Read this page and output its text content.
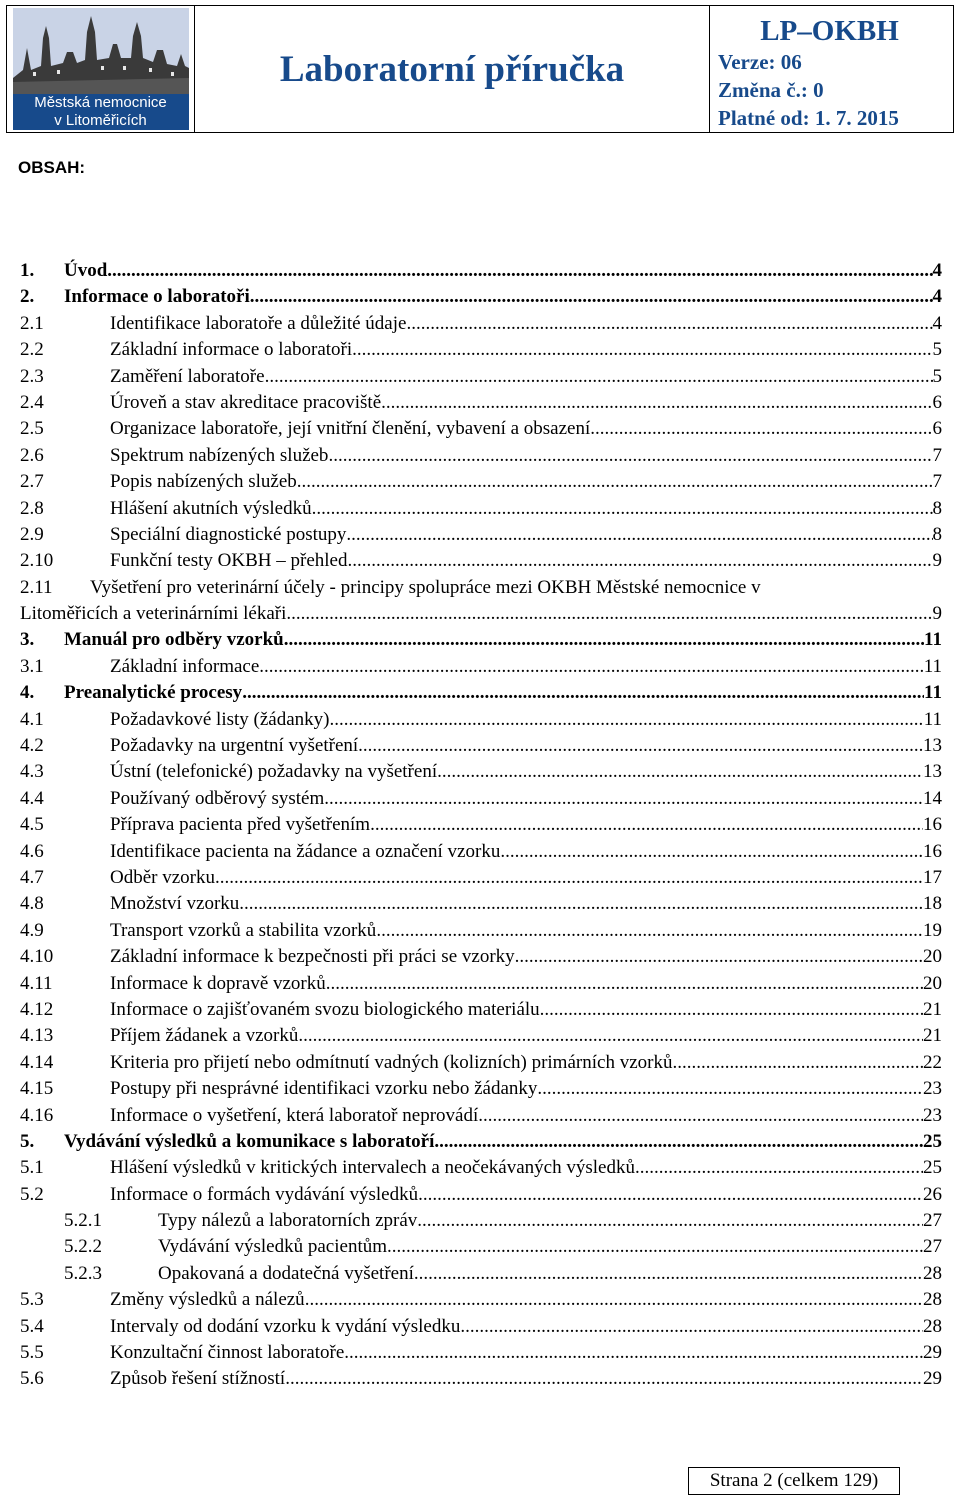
Městská nemocnice
v Litoměřicích
Laboratorní příručka
LP–OKBH
Verze: 06
Změna č.: 0
Platné od: 1. 7. 2015
OBSAH:
1.	Úvod .....	4
2.	Informace o laboratoři .....	4
2.1	Identifikace laboratoře a důležité údaje .....	4
2.2	Základní informace o laboratoři .....	5
2.3	Zaměření laboratoře .....	5
2.4	Úroveň a stav akreditace pracoviště .....	6
2.5	Organizace laboratoře, její vnitřní členění, vybavení a obsazení .....	6
2.6	Spektrum nabízených služeb .....	7
2.7	Popis nabízených služeb .....	7
2.8	Hlášení akutních výsledků .....	8
2.9	Speciální diagnostické postupy .....	8
2.10	Funkční testy OKBH – přehled .....	9
2.11	Vyšetření pro veterinární účely - principy spolupráce mezi OKBH Městské nemocnice v
Litoměřicích a veterinárními lékaři .....	9
3.	Manuál pro odběry vzorků .....	11
3.1	Základní informace .....	11
4.	Preanalytické procesy .....	11
4.1	Požadavkové listy (žádanky) .....	11
4.2	Požadavky na urgentní vyšetření .....	13
4.3	Ústní (telefonické) požadavky na vyšetření .....	13
4.4	Používaný odběrový systém .....	14
4.5	Příprava pacienta před vyšetřením .....	16
4.6	Identifikace pacienta na žádance a označení vzorku .....	16
4.7	Odběr vzorku .....	17
4.8	Množství vzorku .....	18
4.9	Transport vzorků a stabilita vzorků .....	19
4.10	Základní informace k bezpečnosti při práci se vzorky .....	20
4.11	Informace k dopravě vzorků .....	20
4.12	Informace o zajišťovaném svozu biologického materiálu .....	21
4.13	Příjem žádanek a vzorků .....	21
4.14	Kriteria pro přijetí nebo odmítnutí vadných (kolizních) primárních vzorků .....	22
4.15	Postupy při nesprávné identifikaci vzorku nebo žádanky .....	23
4.16	Informace o vyšetření, která laboratoř neprovádí .....	23
5.	Vydávání výsledků a komunikace s laboratoří .....	25
5.1	Hlášení výsledků v kritických intervalech a neočekávaných výsledků .....	25
5.2	Informace o formách vydávání výsledků .....	26
5.2.1	Typy nálezů a laboratorních zpráv .....	27
5.2.2	Vydávání výsledků pacientům .....	27
5.2.3	Opakovaná a dodatečná vyšetření .....	28
5.3	Změny výsledků a nálezů .....	28
5.4	Intervaly od dodání vzorku k vydání výsledku .....	28
5.5	Konzultační činnost laboratoře .....	29
5.6	Způsob řešení stížností .....	29
Strana 2 (celkem 129)
